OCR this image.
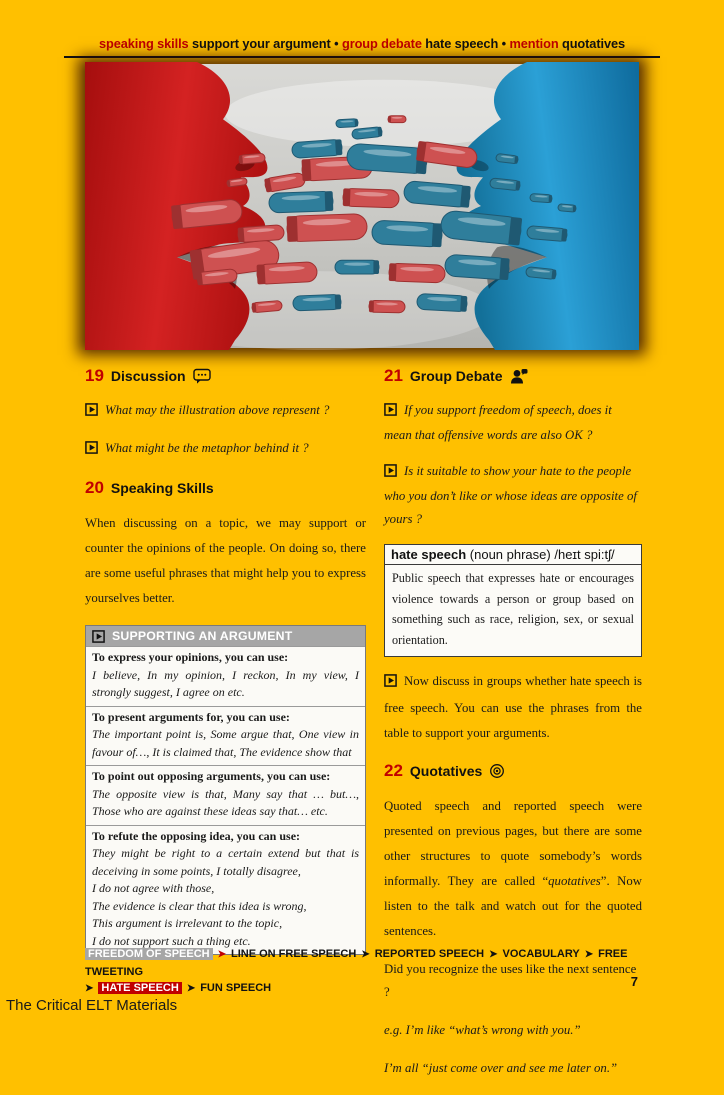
speaking skills support your argument • group debate hate speech • mention quotatives
19 Discussion
What may the illustration above represent ?
What might be the metaphor behind it ?
20 Speaking Skills
When discussing on a topic, we may support or counter the opinions of the people. On doing so, there are some useful phrases that might help you to express yourselves better.
SUPPORTING AN ARGUMENT
To express your opinions, you can use:
I believe, In my opinion, I reckon, In my view, I strongly suggest, I agree on etc.
To present arguments for, you can use:
The important point is, Some argue that, One view in favour of…, It is claimed that, The evidence show that
To point out opposing arguments, you can use:
The opposite view is that, Many say that … but…, Those who are against these ideas say that… etc.
To refute the opposing idea, you can use:
They might be right to a certain extend but that is deceiving in some points, I totally disagree,
I do not agree with those,
The evidence is clear that this idea is wrong,
This argument is irrelevant to the topic,
I do not support such a thing etc.
21 Group Debate
If you support freedom of speech, does it mean that offensive words are also OK ?
Is it suitable to show your hate to the people who you don’t like or whose ideas are opposite of yours ?
hate speech (noun phrase) /heɪt spi:tʃ/
Public speech that expresses hate or encourages violence towards a person or group based on something such as race, religion, sex, or sexual orientation.
Now discuss in groups whether hate speech is free speech. You can use the phrases from the table to support your arguments.
22 Quotatives
Quoted speech and reported speech were presented on previous pages, but there are some other structures to quote somebody’s words informally. They are called “quotatives”. Now listen to the talk and watch out for the quoted sentences.
Did you recognize the uses like the next sentence ?
e.g. I’m like “what’s wrong with you.”
I’m all “just come over and see me later on.”
FREEDOM OF SPEECH ➤ LINE ON FREE SPEECH ➤ REPORTED SPEECH ➤ VOCABULARY ➤ FREE TWEETING
➤ HATE SPEECH ➤ FUN SPEECH	7
The Critical ELT Materials
